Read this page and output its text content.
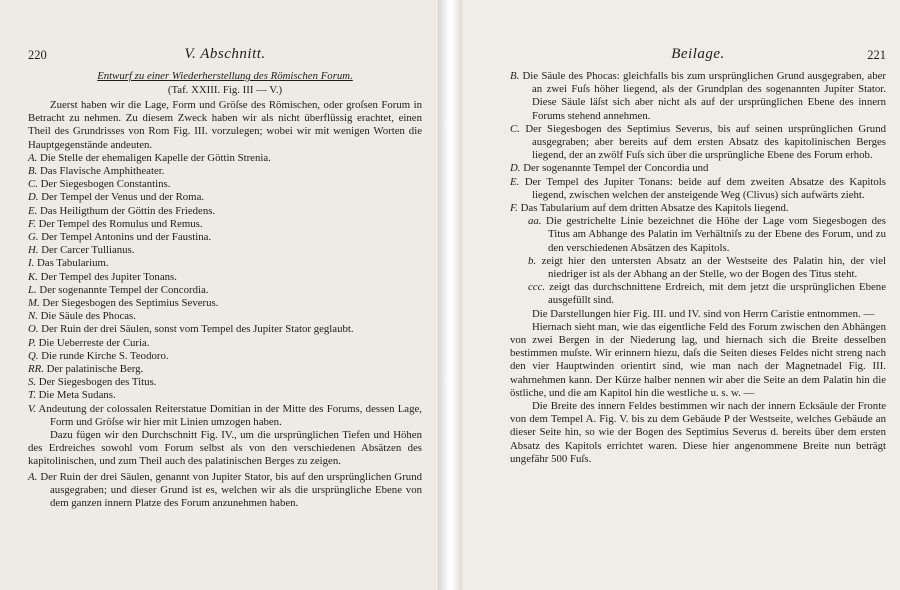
220	V. Abschnitt.
Entwurf zu einer Wiederherstellung des Römischen Forum.
(Taf. XXIII. Fig. III — V.)

Zuerst haben wir die Lage, Form und Gröſse des Römischen, oder groſsen Forum in Betracht zu nehmen. Zu diesem Zweck haben wir als nicht überflüssig erachtet, einen Theil des Grundrisses von Rom Fig. III. vorzulegen; wobei wir mit wenigen Worten die Hauptgegenstände andeuten.

A. Die Stelle der ehemaligen Kapelle der Göttin Strenia.
B. Das Flavische Amphitheater.
C. Der Siegesbogen Constantins.
D. Der Tempel der Venus und der Roma.
E. Das Heiligthum der Göttin des Friedens.
F. Der Tempel des Romulus und Remus.
G. Der Tempel Antonins und der Faustina.
H. Der Carcer Tullianus.
I. Das Tabularium.
K. Der Tempel des Jupiter Tonans.
L. Der sogenannte Tempel der Concordia.
M. Der Siegesbogen des Septimius Severus.
N. Die Säule des Phocas.
O. Der Ruin der drei Säulen, sonst vom Tempel des Jupiter Stator geglaubt.
P. Die Ueberreste der Curia.
Q. Die runde Kirche S. Teodoro.
RR. Der palatinische Berg.
S. Der Siegesbogen des Titus.
T. Die Meta Sudans.
V. Andeutung der colossalen Reiterstatue Domitian in der Mitte des Forums, dessen Lage, Form und Gröſse wir hier mit Linien umzogen haben.

Dazu fügen wir den Durchschnitt Fig. IV., um die ursprünglichen Tiefen und Höhen des Erdreiches sowohl vom Forum selbst als von den verschiedenen Absätzen des kapitolinischen, und zum Theil auch des palatinischen Berges zu zeigen.

A. Der Ruin der drei Säulen, genannt von Jupiter Stator, bis auf den ursprünglichen Grund ausgegraben; und dieser Grund ist es, welchen wir als die ursprüngliche Ebene von dem ganzen innern Platze des Forum anzunehmen haben.
Beilage.	221
B. Die Säule des Phocas: gleichfalls bis zum ursprünglichen Grund ausgegraben, aber an zwei Fuſs höher liegend, als der Grundplan des sogenannten Jupiter Stator. Diese Säule läſst sich aber nicht als auf der ursprünglichen Ebene des innern Forums stehend annehmen.
C. Der Siegesbogen des Septimius Severus, bis auf seinen ursprünglichen Grund ausgegraben; aber bereits auf dem ersten Absatz des kapitolinischen Berges liegend, der an zwölf Fuſs sich über die ursprüngliche Ebene des Forum erhob.
D. Der sogenannte Tempel der Concordia und
E. Der Tempel des Jupiter Tonans: beide auf dem zweiten Absatze des Kapitols liegend, zwischen welchen der ansteigende Weg (Clivus) sich aufwärts zieht.
F. Das Tabularium auf dem dritten Absatze des Kapitols liegend.
aa. Die gestrichelte Linie bezeichnet die Höhe der Lage vom Siegesbogen des Titus am Abhange des Palatin im Verhältniſs zu der Ebene des Forum, und zu den verschiedenen Absätzen des Kapitols.
b. zeigt hier den untersten Absatz an der Westseite des Palatin hin, der viel niedriger ist als der Abhang an der Stelle, wo der Bogen des Titus steht.
ccc. zeigt das durchschnittene Erdreich, mit dem jetzt die ursprünglichen Ebene ausgefüllt sind.

Die Darstellungen hier Fig. III. und IV. sind von Herrn Caristie entnommen. —

Hiernach sieht man, wie das eigentliche Feld des Forum zwischen den Abhängen von zwei Bergen in der Niederung lag, und hiernach sich die Breite desselben bestimmen muſste. Wir erinnern hiezu, daſs die Seiten dieses Feldes nicht streng nach den vier Hauptwinden orientirt sind, wie man nach der Magnetnadel Fig. III. wahrnehmen kann. Der Kürze halber nennen wir aber die Seite an dem Palatin hin die östliche, und die am Kapitol hin die westliche u. s. w. —

Die Breite des innern Feldes bestimmen wir nach der innern Ecksäule der Fronte von dem Tempel A. Fig. V. bis zu dem Gebäude P der Westseite, welches Gebäude an dieser Seite hin, so wie der Bogen des Septimius Severus d. bereits über dem ersten Absatz des Kapitols errichtet waren. Diese hier angenommene Breite nun beträgt ungefähr 500 Fuſs.
